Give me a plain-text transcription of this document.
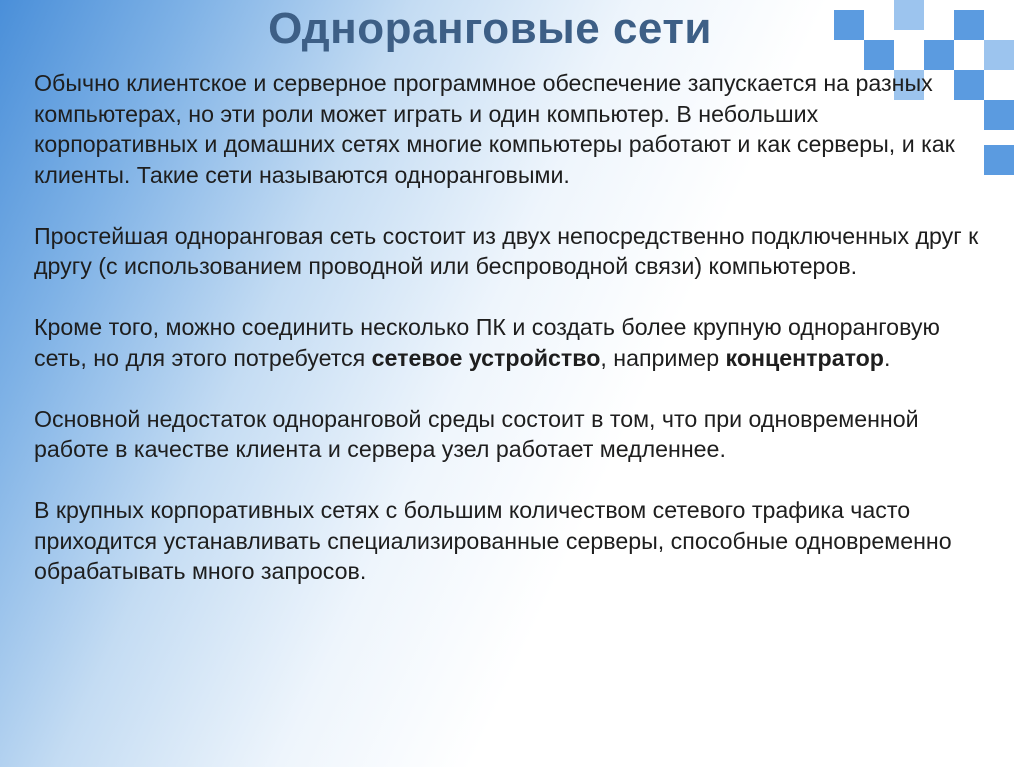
Одноранговые сети

Обычно клиентское и серверное программное обеспечение запускается на разных компьютерах, но эти роли может играть и один компьютер. В небольших корпоративных и домашних сетях многие компьютеры работают и как серверы, и как клиенты. Такие сети называются одноранговыми.

Простейшая одноранговая сеть состоит из двух непосредственно подключенных друг к другу (с использованием проводной или беспроводной связи) компьютеров.

Кроме того, можно соединить несколько ПК и создать более крупную одноранговую сеть, но для этого потребуется сетевое устройство, например концентратор.

Основной недостаток одноранговой среды состоит в том, что при одновременной работе в качестве клиента и сервера узел работает медленнее.

В крупных корпоративных сетях с большим количеством сетевого трафика часто приходится устанавливать специализированные серверы, способные одновременно обрабатывать много запросов.
